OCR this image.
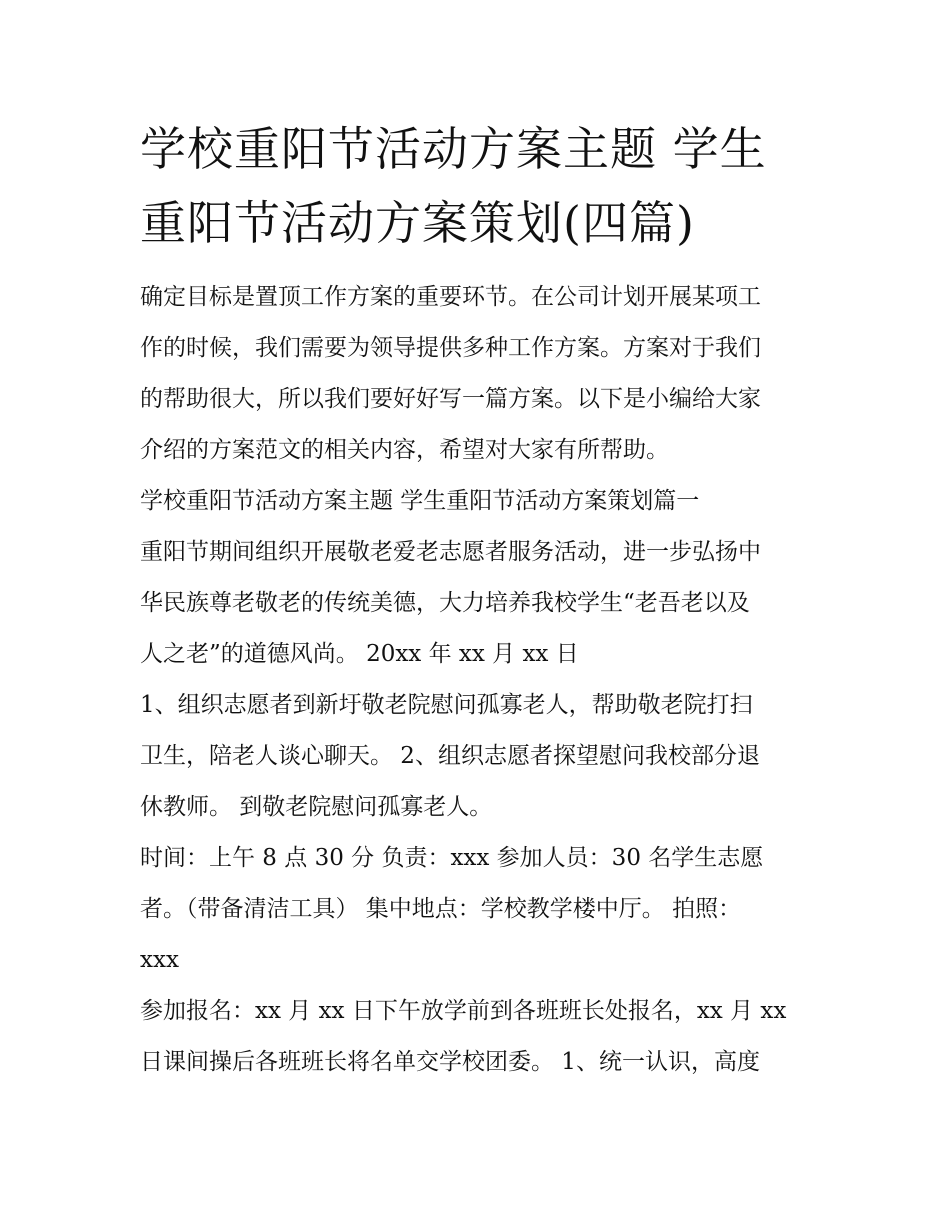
学校重阳节活动方案主题 学生
重阳节活动方案策划(四篇)
确定目标是置顶工作方案的重要环节。在公司计划开展某项工
作的时候，我们需要为领导提供多种工作方案。方案对于我们
的帮助很大，所以我们要好好写一篇方案。以下是小编给大家
介绍的方案范文的相关内容，希望对大家有所帮助。
学校重阳节活动方案主题 学生重阳节活动方案策划篇一
重阳节期间组织开展敬老爱老志愿者服务活动，进一步弘扬中
华民族尊老敬老的传统美德，大力培养我校学生“老吾老以及
人之老”的道德风尚。 20xx 年 xx 月 xx 日
1、组织志愿者到新圩敬老院慰问孤寡老人，帮助敬老院打扫
卫生，陪老人谈心聊天。 2、组织志愿者探望慰问我校部分退
休教师。 到敬老院慰问孤寡老人。
时间：上午 8 点 30 分 负责：xxx 参加人员：30 名学生志愿
者。（带备清洁工具） 集中地点：学校教学楼中厅。 拍照：
xxx
参加报名：xx 月 xx 日下午放学前到各班班长处报名，xx 月 xx
日课间操后各班班长将名单交学校团委。 1、统一认识，高度
